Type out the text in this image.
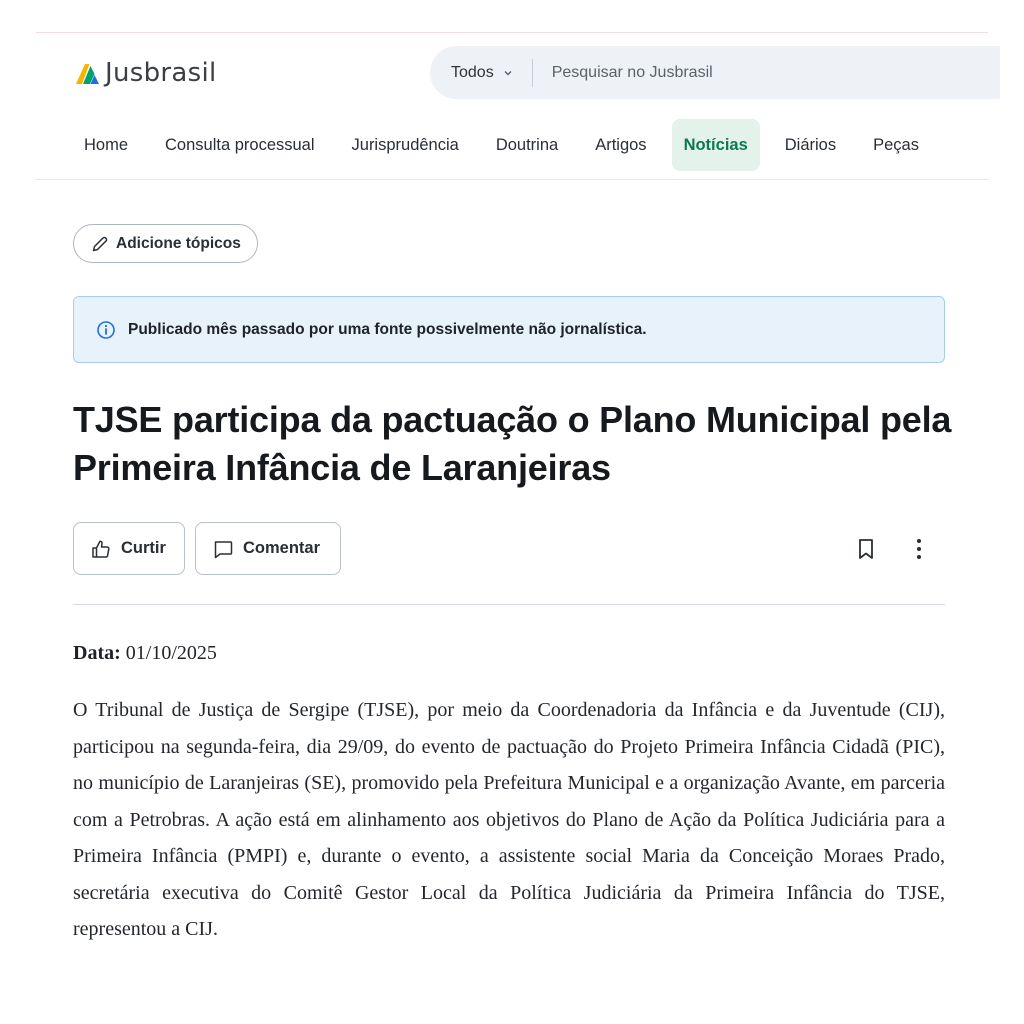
Jusbrasil	Todos
Pesquisar no Jusbrasil
Home	Consulta processual	Jurisprudência	Doutrina	Artigos	Notícias	Diários	Peças
Adicione tópicos
Publicado mês passado por uma fonte possivelmente não jornalística.
TJSE participa da pactuação o Plano Municipal pela Primeira Infância de Laranjeiras
Curtir	Comentar
Data: 01/10/2025

O Tribunal de Justiça de Sergipe (TJSE), por meio da Coordenadoria da Infância e da Juventude (CIJ), participou na segunda-feira, dia 29/09, do evento de pactuação do Projeto Primeira Infância Cidadã (PIC), no município de Laranjeiras (SE), promovido pela Prefeitura Municipal e a organização Avante, em parceria com a Petrobras. A ação está em alinhamento aos objetivos do Plano de Ação da Política Judiciária para a Primeira Infância (PMPI) e, durante o evento, a assistente social Maria da Conceição Moraes Prado, secretária executiva do Comitê Gestor Local da Política Judiciária da Primeira Infância do TJSE, representou a CIJ.
